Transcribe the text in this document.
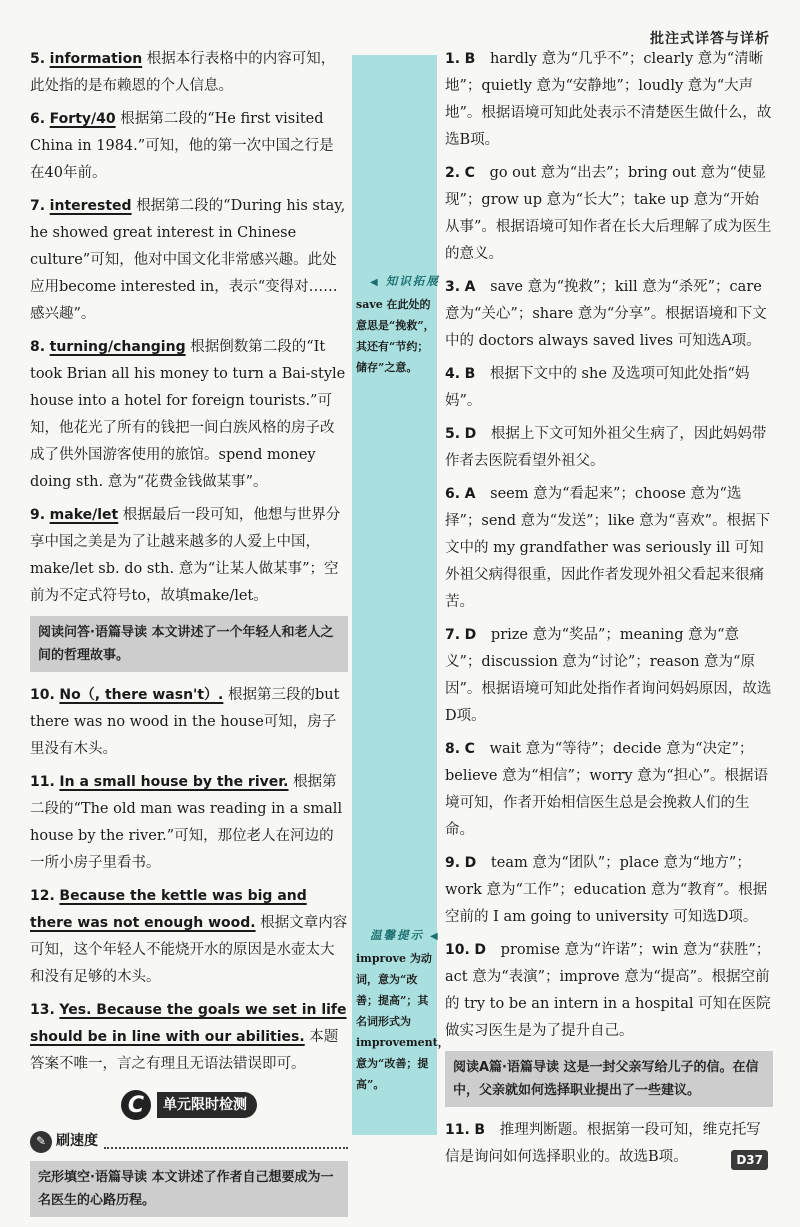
批注式详答与详析
◀ 知识拓展
save 在此处的意思是“挽救”，其还有“节约；储存”之意。
温馨提示 ◀
improve 为动词，意为“改善；提高”；其名词形式为 improvement，意为“改善；提高”。
5. information 根据本行表格中的内容可知，此处指的是布赖恩的个人信息。
6. Forty/40 根据第二段的“He first visited China in 1984.”可知，他的第一次中国之行是在40年前。
7. interested 根据第二段的“During his stay, he showed great interest in Chinese culture”可知，他对中国文化非常感兴趣。此处应用become interested in，表示“变得对……感兴趣”。
8. turning/changing 根据倒数第二段的“It took Brian all his money to turn a Bai-style house into a hotel for foreign tourists.”可知，他花光了所有的钱把一间白族风格的房子改成了供外国游客使用的旅馆。spend money doing sth. 意为“花费金钱做某事”。
9. make/let 根据最后一段可知，他想与世界分享中国之美是为了让越来越多的人爱上中国，make/let sb. do sth. 意为“让某人做某事”；空前为不定式符号to，故填make/let。
阅读问答·语篇导读 本文讲述了一个年轻人和老人之间的哲理故事。
10. No（, there wasn't）. 根据第三段的but there was no wood in the house可知，房子里没有木头。
11. In a small house by the river. 根据第二段的“The old man was reading in a small house by the river.”可知，那位老人在河边的一所小房子里看书。
12. Because the kettle was big and there was not enough wood. 根据文章内容可知，这个年轻人不能烧开水的原因是水壶太大和没有足够的木头。
13. Yes. Because the goals we set in life should be in line with our abilities. 本题答案不唯一，言之有理且无语法错误即可。
C	单元限时检测
✎ 刷速度
完形填空·语篇导读 本文讲述了作者自己想要成为一名医生的心路历程。
1. B hardly 意为“几乎不”；clearly 意为“清晰地”；quietly 意为“安静地”；loudly 意为“大声地”。根据语境可知此处表示不清楚医生做什么，故选B项。
2. C go out 意为“出去”；bring out 意为“使显现”；grow up 意为“长大”；take up 意为“开始从事”。根据语境可知作者在长大后理解了成为医生的意义。
3. A save 意为“挽救”；kill 意为“杀死”；care 意为“关心”；share 意为“分享”。根据语境和下文中的 doctors always saved lives 可知选A项。
4. B 根据下文中的 she 及选项可知此处指“妈妈”。
5. D 根据上下文可知外祖父生病了，因此妈妈带作者去医院看望外祖父。
6. A seem 意为“看起来”；choose 意为“选择”；send 意为“发送”；like 意为“喜欢”。根据下文中的 my grandfather was seriously ill 可知外祖父病得很重，因此作者发现外祖父看起来很痛苦。
7. D prize 意为“奖品”；meaning 意为“意义”；discussion 意为“讨论”；reason 意为“原因”。根据语境可知此处指作者询问妈妈原因，故选D项。
8. C wait 意为“等待”；decide 意为“决定”；believe 意为“相信”；worry 意为“担心”。根据语境可知，作者开始相信医生总是会挽救人们的生命。
9. D team 意为“团队”；place 意为“地方”；work 意为“工作”；education 意为“教育”。根据空前的 I am going to university 可知选D项。
10. D promise 意为“许诺”；win 意为“获胜”；act 意为“表演”；improve 意为“提高”。根据空前的 try to be an intern in a hospital 可知在医院做实习医生是为了提升自己。
阅读A篇·语篇导读 这是一封父亲写给儿子的信。在信中，父亲就如何选择职业提出了一些建议。
11. B 推理判断题。根据第一段可知，维克托写信是询问如何选择职业的。故选B项。	D37
